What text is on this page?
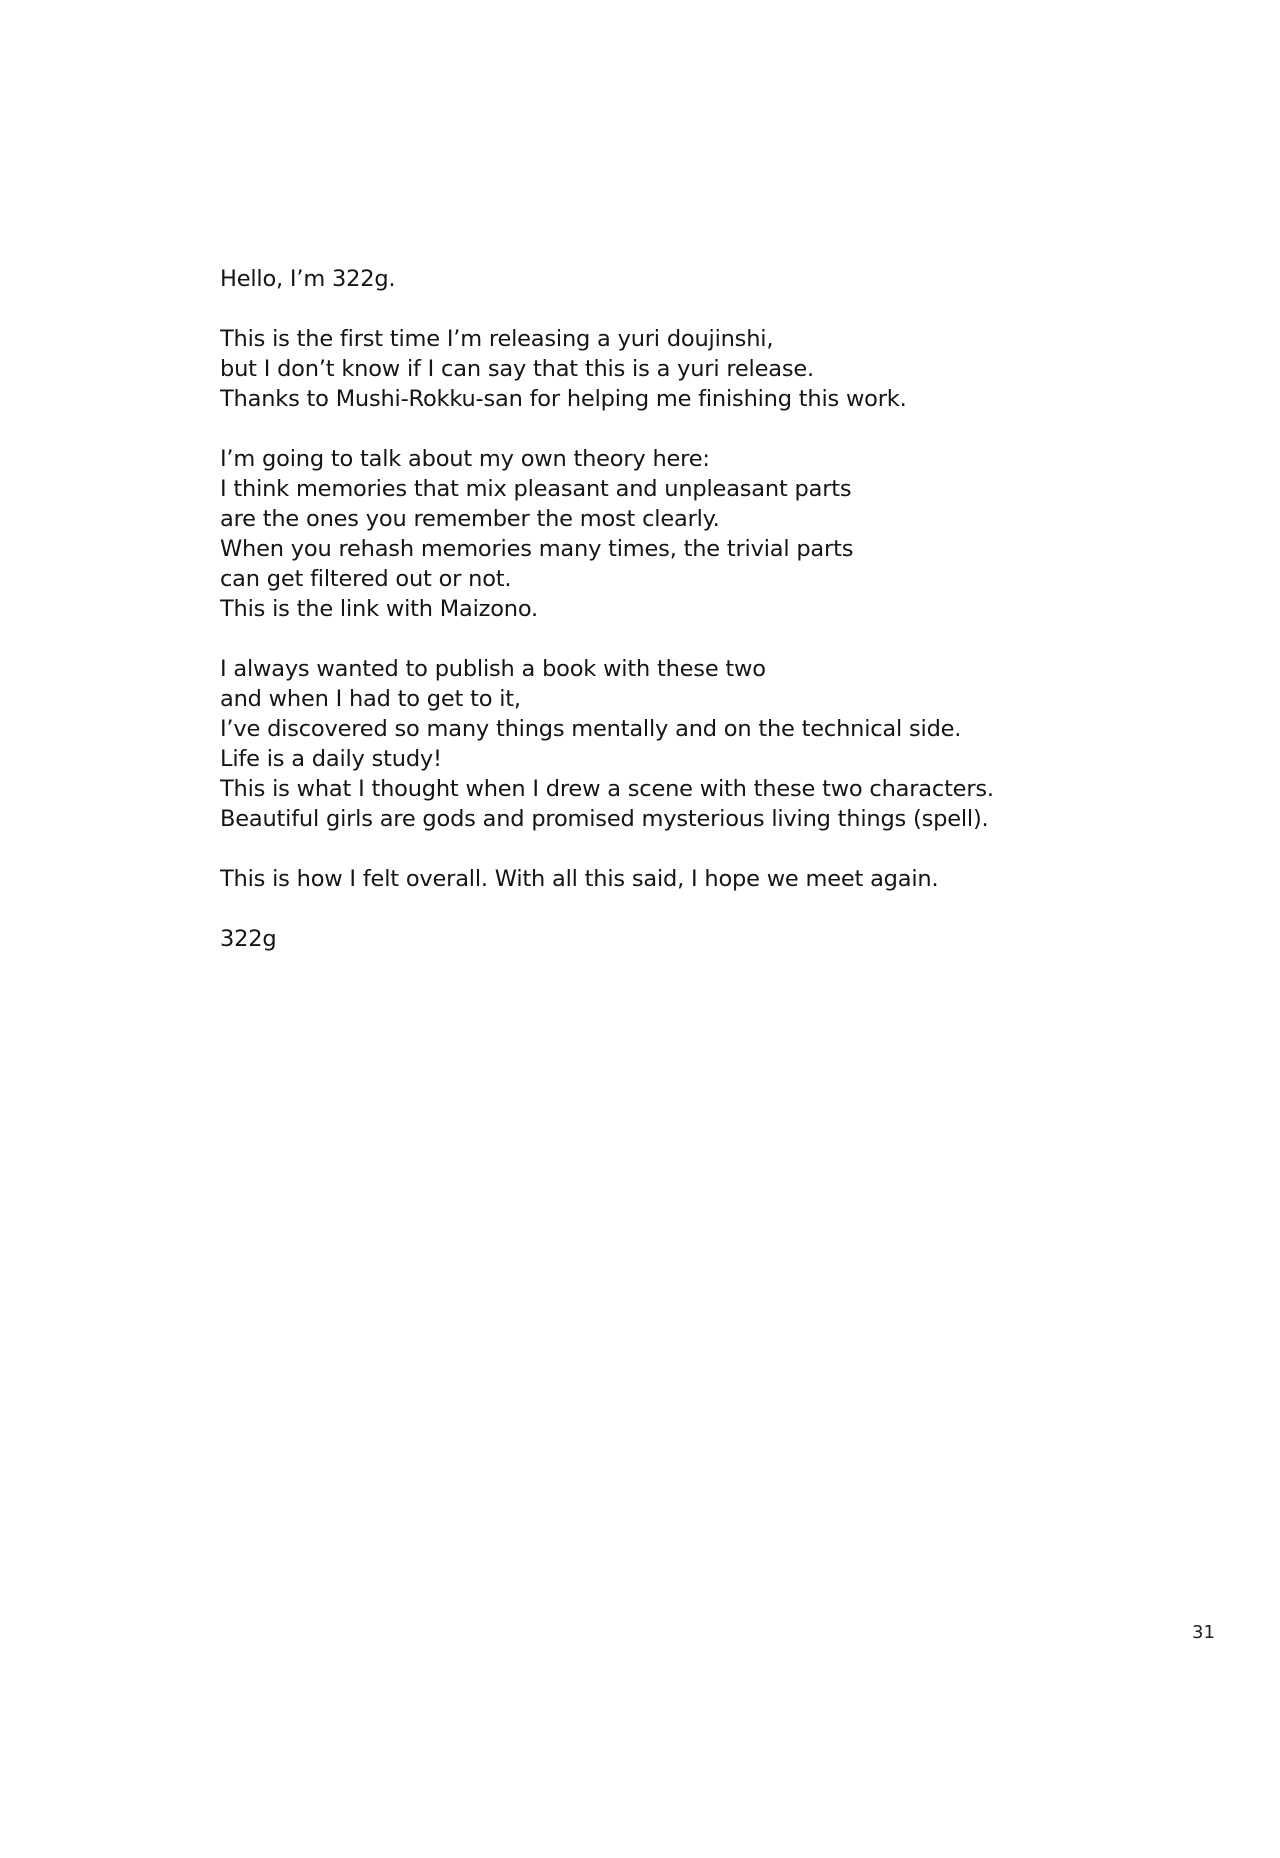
Hello, I’m 322g.
This is the first time I’m releasing a yuri doujinshi,
but I don’t know if I can say that this is a yuri release.
Thanks to Mushi-Rokku-san for helping me finishing this work.
I’m going to talk about my own theory here:
I think memories that mix pleasant and unpleasant parts
are the ones you remember the most clearly.
When you rehash memories many times, the trivial parts
can get filtered out or not.
This is the link with Maizono.
I always wanted to publish a book with these two
and when I had to get to it,
I’ve discovered so many things mentally and on the technical side.
Life is a daily study!
This is what I thought when I drew a scene with these two characters.
Beautiful girls are gods and promised mysterious living things (spell).
This is how I felt overall. With all this said, I hope we meet again.
322g
31
